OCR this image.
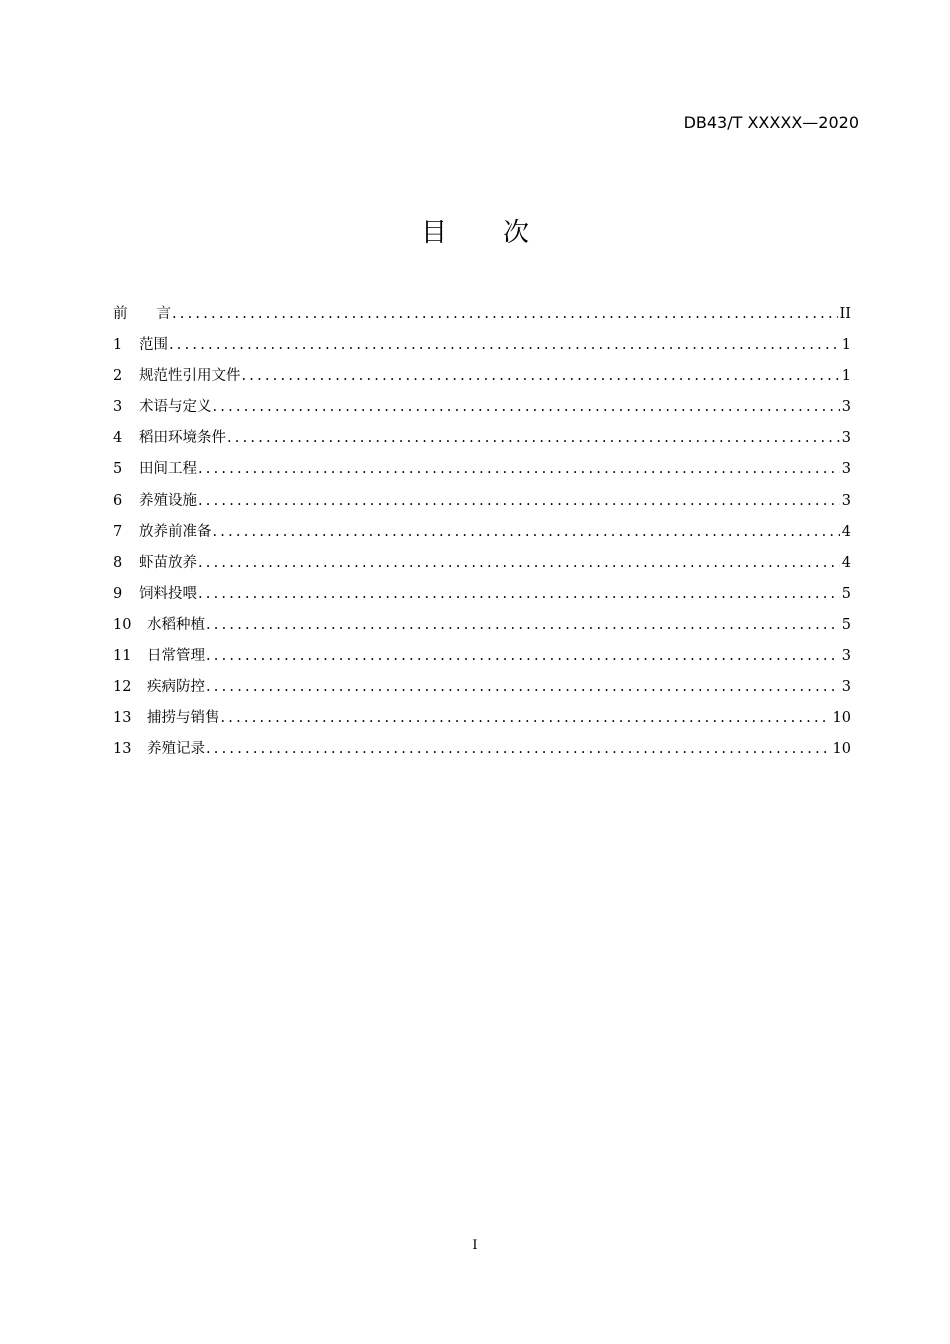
DB43/T XXXXX—2020
目 次
前　　言 .....	II
1	范围 .....	1
2	规范性引用文件 .....	1
3	术语与定义 .....	3
4	稻田环境条件 .....	3
5	田间工程 .....	3
6	养殖设施 .....	3
7	放养前准备 .....	4
8	虾苗放养 .....	4
9	饲料投喂 .....	5
10	水稻种植 .....	5
11	日常管理 .....	3
12	疾病防控 .....	3
13	捕捞与销售 .....	10
13	养殖记录 .....	10
I
